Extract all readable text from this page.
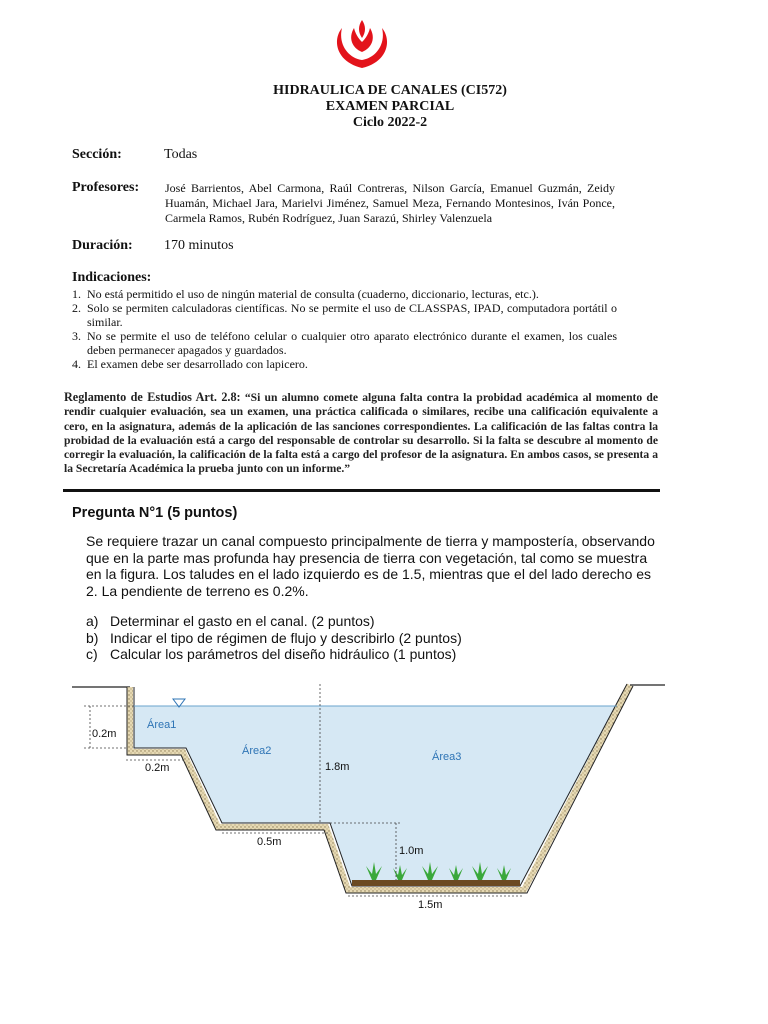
HIDRAULICA DE CANALES (CI572)
EXAMEN PARCIAL
Ciclo 2022-2
Sección:	Todas
Profesores: José Barrientos, Abel Carmona, Raúl Contreras, Nilson García, Emanuel Guzmán, Zeidy Huamán, Michael Jara, Marielvi Jiménez, Samuel Meza, Fernando Montesinos, Iván Ponce, Carmela Ramos, Rubén Rodríguez, Juan Sarazú, Shirley Valenzuela
Duración: 170 minutos
Indicaciones:
1. No está permitido el uso de ningún material de consulta (cuaderno, diccionario, lecturas, etc.).
2. Solo se permiten calculadoras científicas. No se permite el uso de CLASSPAS, IPAD, computadora portátil o similar.
3. No se permite el uso de teléfono celular o cualquier otro aparato electrónico durante el examen, los cuales deben permanecer apagados y guardados.
4. El examen debe ser desarrollado con lapicero.
Reglamento de Estudios Art. 2.8: “Si un alumno comete alguna falta contra la probidad académica al momento de rendir cualquier evaluación, sea un examen, una práctica calificada o similares, recibe una calificación equivalente a cero, en la asignatura, además de la aplicación de las sanciones correspondientes. La calificación de las faltas contra la probidad de la evaluación está a cargo del responsable de controlar su desarrollo. Si la falta se descubre al momento de corregir la evaluación, la calificación de la falta está a cargo del profesor de la asignatura. En ambos casos, se presenta a la Secretaría Académica la prueba junto con un informe.”
Pregunta N°1 (5 puntos)
Se requiere trazar un canal compuesto principalmente de tierra y mampostería, observando que en la parte mas profunda hay presencia de tierra con vegetación, tal como se muestra en la figura. Los taludes en el lado izquierdo es de 1.5, mientras que el del lado derecho es 2. La pendiente de terreno es 0.2%.
a) Determinar el gasto en el canal. (2 puntos)
b) Indicar el tipo de régimen de flujo y describirlo (2 puntos)
c) Calcular los parámetros del diseño hidráulico (1 puntos)
Área1
Área2	Área3
0.2m
0.2m
0.5m
1.8m
1.0m
1.5m
